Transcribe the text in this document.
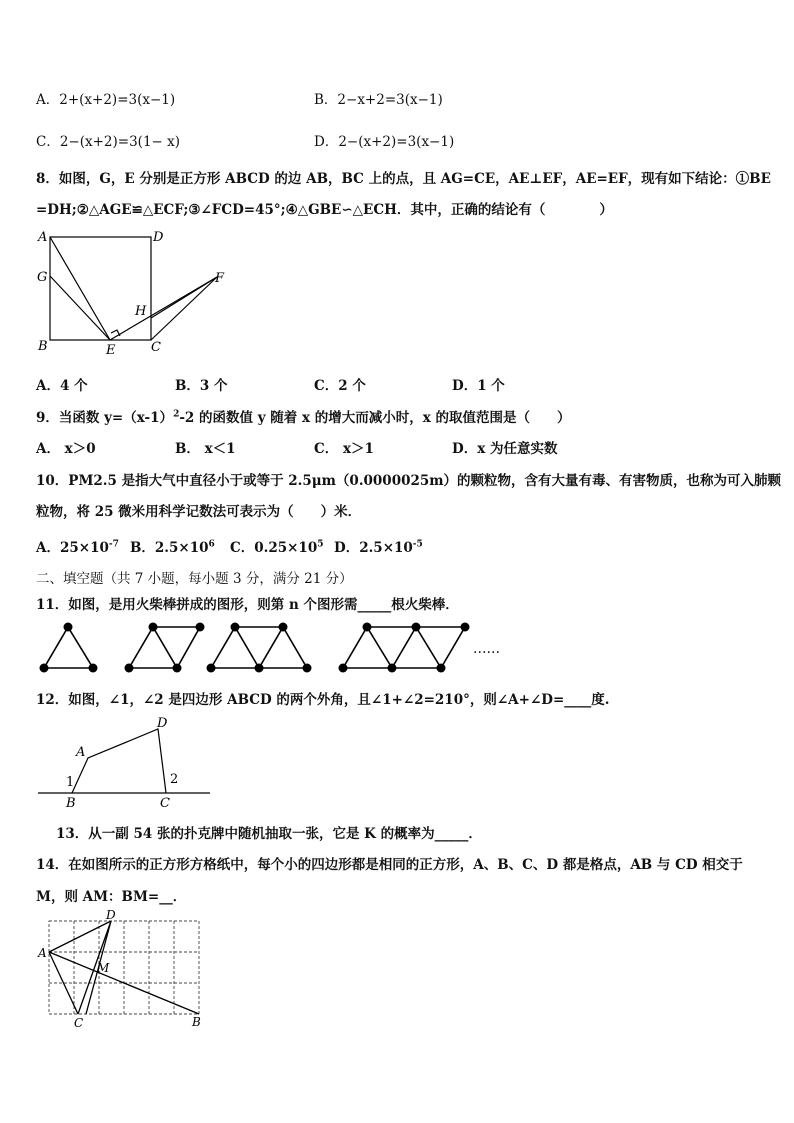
A．2+(x+2)=3(x−1)	B．2−x+2=3(x−1)
C．2−(x+2)=3(1− x)	D．2−(x+2)=3(x−1)
8．如图，G，E 分别是正方形 ABCD 的边 AB，BC 上的点，且 AG=CE，AE⊥EF，AE=EF，现有如下结论：①BE
=DH;②△AGE≌△ECF;③∠FCD=45°;④△GBE∽△ECH．其中，正确的结论有（　　　　）
A	D
G	F
H
B	E	C
A．4 个	B．3 个	C．2 个	D．1 个
9．当函数 $y=(x-1)^2-2$ 的函数值 y 随着 x 的增大而减小时，x 的取值范围是（　　）
A． x＞0	B． x＜1	C． x＞1	D．x 为任意实数
10．PM2.5 是指大气中直径小于或等于 2.5μm（0.0000025m）的颗粒物，含有大量有毒、有害物质，也称为可入肺颗
粒物，将 25 微米用科学记数法可表示为（　　）米．
A．$25\times 10^{-7}$ B．$2.5\times 10^6$ C．$0.25\times 10^5$ D．$2.5\times 10^{-5}$
二、填空题（共 7 小题，每小题 3 分，满分 21 分）
11．如图，是用火柴棒拼成的图形，则第 n 个图形需_____根火柴棒．
……
12．如图，∠1，∠2 是四边形 ABCD 的两个外角，且∠1+∠2=210°，则∠A+∠D=____度.
A
D
1	2
B	C
13．从一副 54 张的扑克牌中随机抽取一张，它是 K 的概率为_____．
14．在如图所示的正方形方格纸中，每个小的四边形都是相同的正方形，A、B、C、D 都是格点，AB 与 CD 相交于
M，则 AM：BM=__．
A
D
M
C	B
